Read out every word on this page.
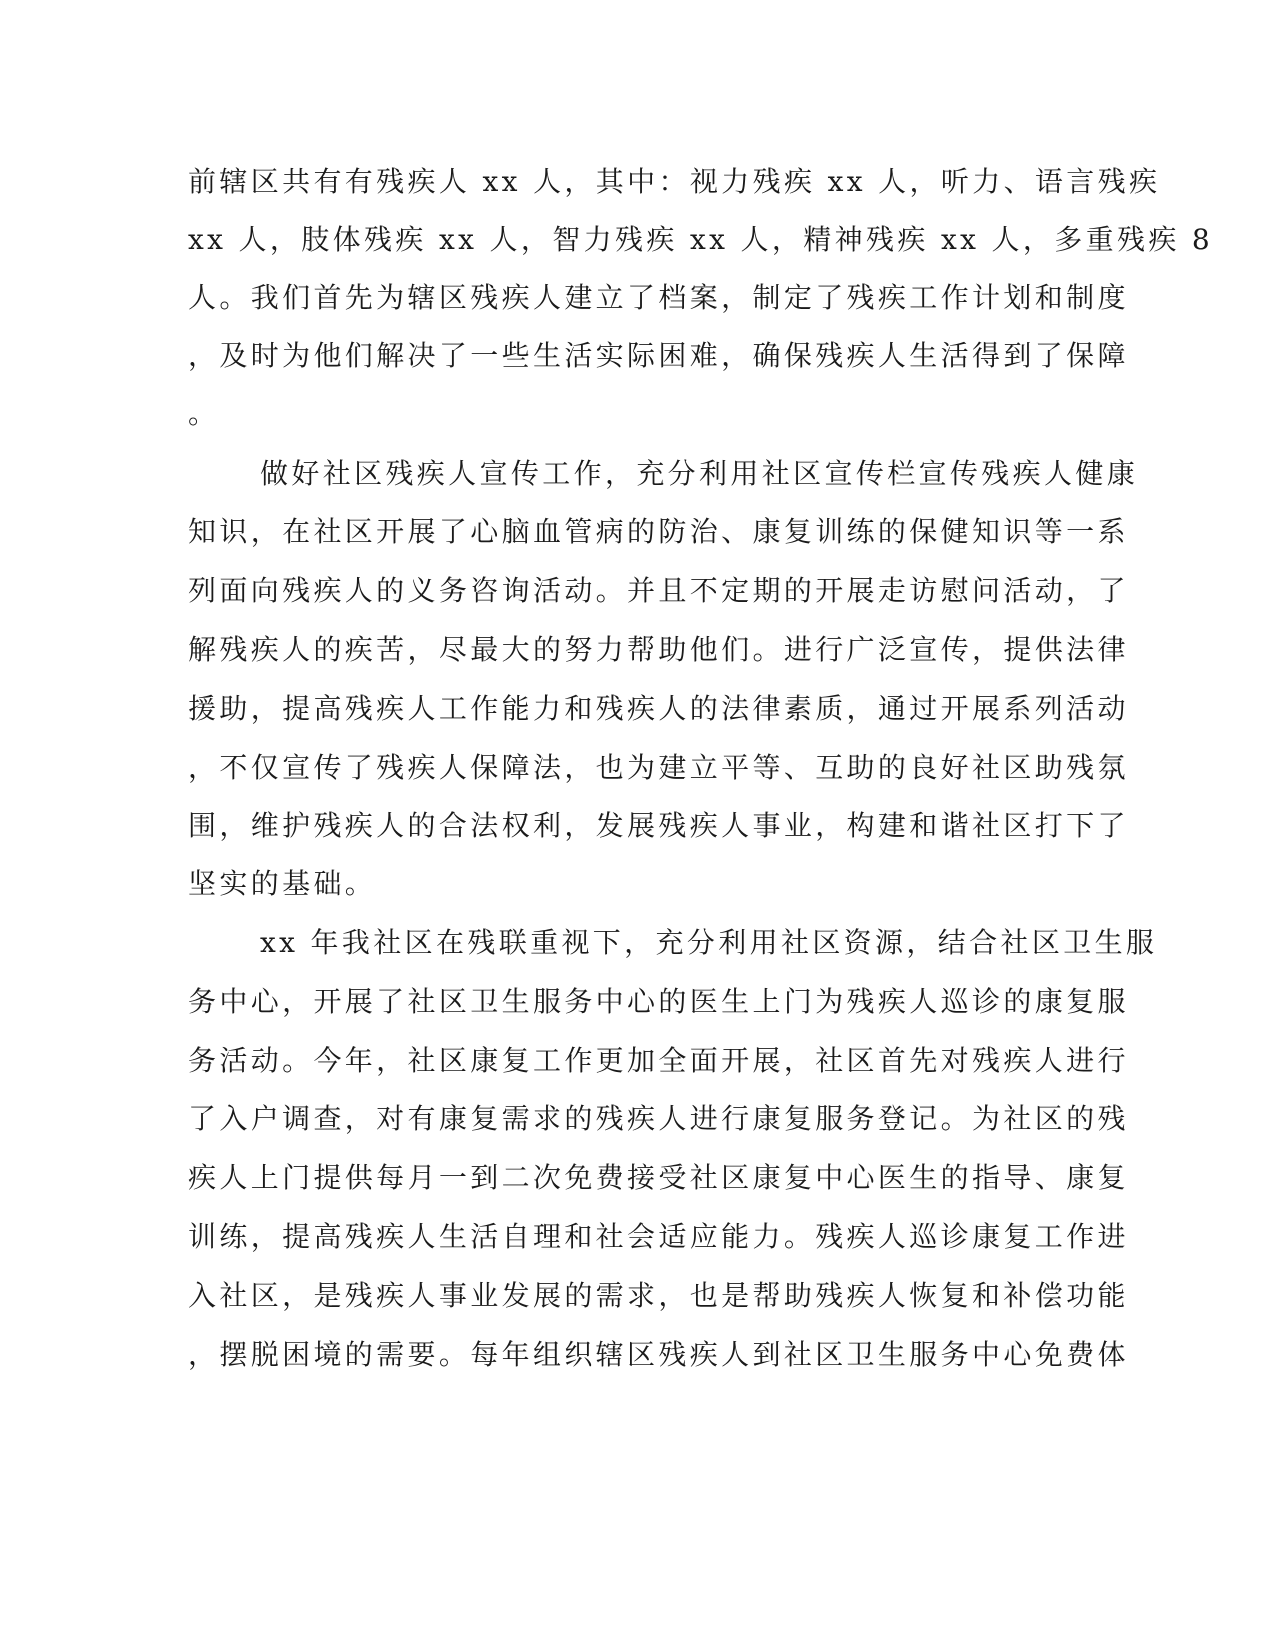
前辖区共有有残疾人 xx 人，其中：视力残疾 xx 人，听力、语言残疾
xx 人，肢体残疾 xx 人，智力残疾 xx 人，精神残疾 xx 人，多重残疾 8
人。我们首先为辖区残疾人建立了档案，制定了残疾工作计划和制度
，及时为他们解决了一些生活实际困难，确保残疾人生活得到了保障
。
做好社区残疾人宣传工作，充分利用社区宣传栏宣传残疾人健康
知识，在社区开展了心脑血管病的防治、康复训练的保健知识等一系
列面向残疾人的义务咨询活动。并且不定期的开展走访慰问活动，了
解残疾人的疾苦，尽最大的努力帮助他们。进行广泛宣传，提供法律
援助，提高残疾人工作能力和残疾人的法律素质，通过开展系列活动
，不仅宣传了残疾人保障法，也为建立平等、互助的良好社区助残氛
围，维护残疾人的合法权利，发展残疾人事业，构建和谐社区打下了
坚实的基础。
xx 年我社区在残联重视下，充分利用社区资源，结合社区卫生服
务中心，开展了社区卫生服务中心的医生上门为残疾人巡诊的康复服
务活动。今年，社区康复工作更加全面开展，社区首先对残疾人进行
了入户调查，对有康复需求的残疾人进行康复服务登记。为社区的残
疾人上门提供每月一到二次免费接受社区康复中心医生的指导、康复
训练，提高残疾人生活自理和社会适应能力。残疾人巡诊康复工作进
入社区，是残疾人事业发展的需求，也是帮助残疾人恢复和补偿功能
，摆脱困境的需要。每年组织辖区残疾人到社区卫生服务中心免费体
